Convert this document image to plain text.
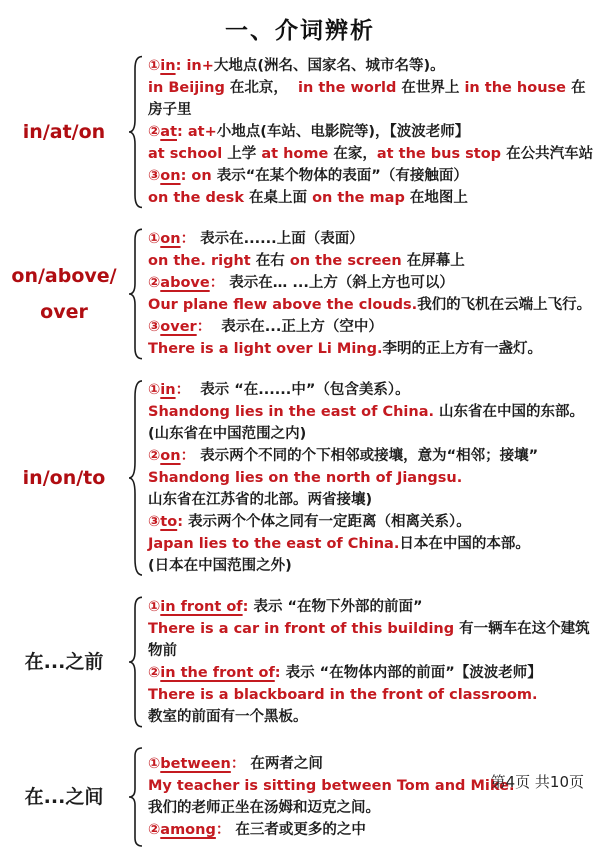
一、介词辨析
in/at/on
①in: in+大地点(洲名、国家名、城市名等)。
in Beijing 在北京，  in the world 在世界上 in the house 在房子里
②at: at+小地点(车站、电影院等)，【波波老师】
at school 上学 at home 在家，at the bus stop 在公共汽车站
③on: on 表示“在某个物体的表面”（有接触面）
on the desk 在桌上面 on the map 在地图上
on/above/
over
①on： 表示在......上面（表面）
on the. right 在右 on the screen 在屏幕上
②above： 表示在… ...上方（斜上方也可以）
Our plane flew above the clouds.我们的飞机在云端上飞行。
③over：  表示在...正上方（空中）
There is a light over Li Ming.李明的正上方有一盏灯。
in/on/to
①in：  表示 “在......中”（包含美系）。
Shandong lies in the east of China. 山东省在中国的东部。
(山东省在中国范围之内)
②on： 表示两个不同的个下相邻或接壤，意为“相邻；接壤”
Shandong lies on the north of Jiangsu.
山东省在江苏省的北部。两省接壤)
③to: 表示两个个体之同有一定距离（相离关系）。
Japan lies to the east of China.日本在中国的本部。
(日本在中国范围之外)
在...之前
①in front of: 表示 “在物下外部的前面”
There is a car in front of this building 有一辆车在这个建筑物前
②in the front of: 表示 “在物体内部的前面”【波波老师】
There is a blackboard in the front of classroom.
教室的前面有一个黑板。
在...之间
①between： 在两者之间
My teacher is sitting between Tom and Mike.
我们的老师正坐在汤姆和迈克之间。
②among： 在三者或更多的之中
第4页 共10页
